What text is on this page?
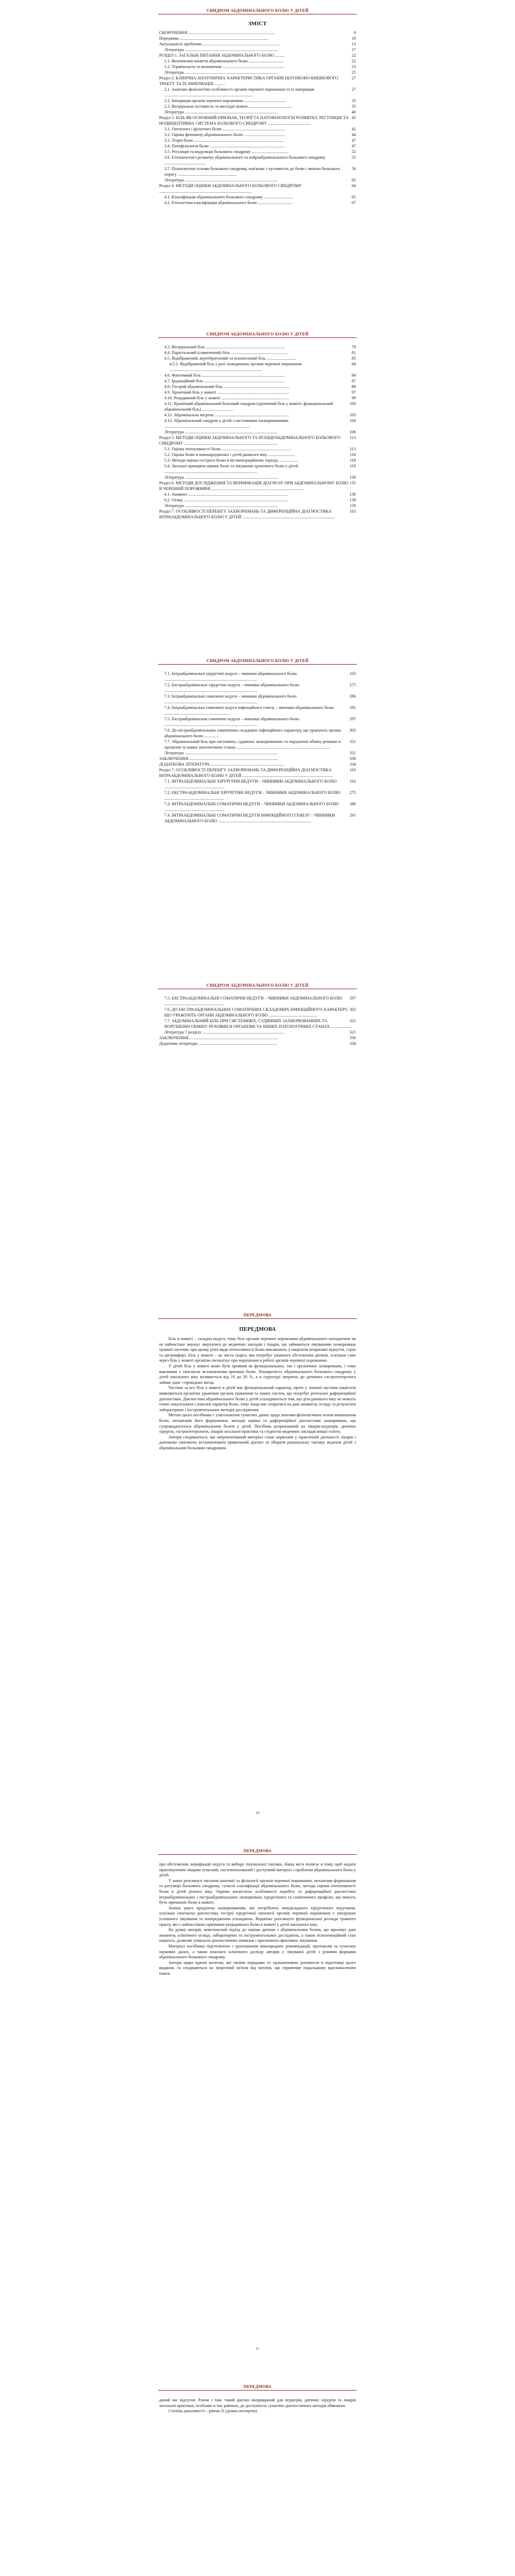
СИНДРОМ АБДОМІНАЛЬНОГО БОЛЮ У ДІТЕЙ
ЗМІСТ
9
СКОРОЧЕННЯ ..................................................................................
10
Передмова ....................................................................................
13
Актуальність проблеми .........................................................................
17
Література ........................................................................................
22
РОЗДІЛ 1. ЗАГАЛЬНІ ПИТАННЯ АБДОМІНАЛЬНОГО БОЛЮ .........
22
1.1. Визначення поняття абдомінального болю .................................
23
1.2. Термінологія та визначення ..........................................................
25
Література ........................................................................................
27
Розділ 2. КЛІНІЧНА АНАТОМІЧНА ХАРАКТЕРИСТИКА ОРГАНІВ ШЛУНКОВО-КИШКОВОГО ТРАКТУ ТА ЇХ ІННЕРВАЦІЯ ..........
27
2.1. Анатомо-фізіологічні особливості органів черевної порожнини та їх іннервація ....................................................................................
33
2.2. Іннервація органів черевної порожнини ........................................
35
2.3. Вісцеральна чутливість та висхідні шляхи .........................................
40
Література ........................................................................................
42
Розділ 3. БІЛЬ ЯК ОСНОВНИЙ ПРИЗНАК, ТЕОРІЇ ТА ПАТОФІЗІОЛОГІЯ РОЗВИТКУ, РЕГУЛЯЦІЯ ТА НОЦИЦЕПТИВНА СИСТЕМА БОЛЬОВОГО СИНДРОМУ ........................................
42
3.1. Онтогенез і філогенез болю ...........................................................
44
3.2. Оцінка феномену абдомінального болю .......................................
47
3.3. Теорії болю .....................................................................................
47
3.4. Патофізіологія болю .......................................................................
52
3.5. Регуляція та модуляція больового синдрому ...................................
55
3.6. Етіопатогенез розвитку абдомінального та нейроабдомінального больового синдрому .......................................
56
3.7. Психологічні основи больового синдрому, пов'язані з чутливістю до болю і зміною больового порогу ........................................................
62
Література ........................................................................................
64
Розділ 4. МЕТОДИ ОЦІНКИ АБДОМІНАЛЬНОГО БОЛЬОВОГО СИНДРОМУ ........................................................................................
65
4.1. Класифікація абдомінального больового синдрому ............................
67
4.2. Етіологічна класифікація абдомінального болю .................................
СИНДРОМ АБДОМІНАЛЬНОГО БОЛЮ У ДІТЕЙ
79
4.3. Вісцеральний біль ...........................................................................
81
4.4. Парієтальний (соматичний) біль ......................................................
83
4.5. Відображений, вертеброгенний та психогенний біль ............................
84
4.5.1. Відображений біль у разі захворювань органів черевної порожнини ........................................................................................
84
4.6. Фантомний біль ...............................................................................
87
4.7. Ірадіаційний біль ............................................................................
88
4.8. Гострий абдомінальний біль ..............................................................
97
4.9. Хронічний біль у животі ....................................................................
99
4.10. Рецидивний біль у животі ................................................................
100
4.11. Хронічний абдомінальний больовий синдром (хронічний біль у животі, функціональний абдомінальний біль) ..............................
103
4.12. Абдомінальна мігрень ......................................................................
104
4.13. Абдомінальний синдром у дітей з системними захворюваннями .................................................................................
106
Література ........................................................................................
113
Розділ 5. МЕТОДИ ОЦІНКИ АБДОМІНАЛЬНОГО ТА ПСЕВДОАБДОМІНАЛЬНОГО БОЛЬОВОГО СИНДРОМУ .........................................................................................
113
5.1. Оцінка інтенсивності болю ..................................................................
116
5.2. Оцінка болю в новонароджених і дітей раннього віку .........................
118
5.3. Методи оцінки гострого болю в післяопераційному періоді ..................
119
5.4. Загальні принципи оцінки болю та лікування хронічного болю у дітей ........................................................................................
130
Література ........................................................................................
135
Розділ 6. МЕТОДИ ДОСЛІДЖЕННЯ ТА ВЕРИФІКАЦІЯ ДІАГНОЗУ ПРИ АБДОМІНАЛЬНОМУ БОЛЮ В ЧЕРЕВНІЙ ПОРОЖНИНІ ........................................................................................
136
6.1. Анамнез ..............................................................................................
138
6.2. Огляд ...................................................................................................
159
Література ........................................................................................
163
Розділ 7. ОСОБЛИВОСТІ ПЕРЕБІГУ ЗАХВОРЮВАНЬ ТА ДИФЕРЕНЦІЙНА ДІАГНОСТИКА ІНТРААБДОМІНАЛЬНОГО БОЛЮ У ДІТЕЙ ........................................................................................
СИНДРОМ АБДОМІНАЛЬНОГО БОЛЮ У ДІТЕЙ
163
7.1. Інтраабдомінальні хірургічні недуги – чинники абдомінального болю ........................................................................................
275
7.2. Екстраабдомінальні хірургічні недуги – чинники абдомінального болю ........................................................................................
286
7.3. Інтраабдомінальні соматичні недуги – чинники абдомінального болю ........................................................................................
291
7.4. Інтраабдомінальні соматичні недуги інфекційного генезу – чинники абдомінального болю ..............................................................
297
7.5. Екстраабдомінальні соматичні недуги – чинники абдомінального болю ........................................................................................
302
7.6. До екстраабдомінальних соматичних складових інфекційного характеру, що уражують органи абдомінального болю ..............
321
7.7. Абдомінальний біль при системних, судинних захворюваннях та порушенні обміну речовин в організмі та інших патологічних станах .........................................................................................
321
Література ........................................................................................
330
ЗАКЛЮЧЕННЯ ....................................................................................
334
ДОДАТКОВА ЛІТЕРАТУРА .....................................................................
163
Розділ 7. ОСОБЛИВОСТІ ПЕРЕБІГУ ЗАХВОРЮВАНЬ ТА ДИФЕРЕНЦІЙНА ДІАГНОСТИКА ІНТРААБДОМІНАЛЬНОГО БОЛЮ У ДІТЕЙ ......................................................................................
163
7.1. ІНТРААБДОМІНАЛЬНІ ХІРУРГІЧНІ НЕДУГИ – ЧИННИКИ АБДОМІНАЛЬНОГО БОЛЮ .........................................................
275
7.2. ЕКСТРААБДОМІНАЛЬНІ ХІРУРГІЧНІ НЕДУГИ – ЧИННИКИ АБДОМІНАЛЬНОГО БОЛЮ .........................................................
286
7.3. ІНТРААБДОМІНАЛЬНІ СОМАТИЧНІ НЕДУГИ – ЧИННИКИ АБДОМІНАЛЬНОГО БОЛЮ .........................................................
291
7.4. ІНТРААБДОМІНАЛЬНІ СОМАТИЧНІ НЕДУГИ ІНФЕКЦІЙНОГО ГЕНЕЗУ – ЧИННИКИ АБДОМІНАЛЬНОГО БОЛЮ ........................................................................................
СИНДРОМ АБДОМІНАЛЬНОГО БОЛЮ У ДІТЕЙ
297
7.5. ЕКСТРААБДОМІНАЛЬНІ СОМАТИЧНІ НЕДУГИ – ЧИННИКИ АБДОМІНАЛЬНОГО БОЛЮ .........................................................
302
7.6. ДО ЕКСТРААБДОМІНАЛЬНИХ СОМАТИЧНИХ СКЛАДОВИХ ІНФЕКЦІЙНОГО ХАРАКТЕРУ, ЩО УРАЖУЮТЬ ОРГАНИ АБДОМІНАЛЬНОГО БОЛЮ ..............................................
321
7.7. АБДОМІНАЛЬНИЙ БІЛЬ ПРИ СИСТЕМНИХ, СУДИННИХ ЗАХВОРЮВАННЯХ ТА ПОРУШЕННІ ОБМІНУ РЕЧОВИН В ОРГАНІЗМІ ТА ІНШИХ ПАТОЛОГІЧНИХ СТАНАХ ....................
321
Література 7 розділу ..............................................................................
330
ЗАКЛЮЧЕННЯ ....................................................................................
334
Додаткова література ...........................................................................
ПЕРЕДМОВА
ПЕРЕДМОВА

Біль в животі – складна недуга, тому біль органів черевної порожнини абдомінального походження чи не найчастіше змушує звертатися до медичних закладів і лікарів, що займаються лікуванням захворювань травної системи, при цьому різні види інтенсивності болю викликають у пацієнтів неприємні відчуття, страх та дискомфорт. Біль у животі – це часта скарга, яка потребує уважного обстеження дитини, оскільки саме через біль у животі організм сигналізує про порушення в роботі органів черевної порожнини.

У дітей біль у животі може бути проявом як функціональних, так і органічних захворювань, і тому важливим є своєчасне встановлення причини болю. Поширеність абдомінального больового синдрому у дітей шкільного віку коливається від 10 до 20 %, а в структурі звернень до дитячого гастроентеролога займає одне з провідних місць.

Частіше за все біль у животі в дітей має функціональний характер, проте у значної частини пацієнтів виявляються органічні ураження органів травлення та інших систем, що потребує ретельної диференційної діагностики. Діагностика абдомінального болю у дітей ускладнюється тим, що діти раннього віку не можуть точно локалізувати і описати характер болю, тому лікар має спиратися на дані анамнезу, огляду та результати лабораторних і інструментальних методів дослідження.

Метою цього посібника є узагальнення сучасних даних щодо анатомо-фізіологічних основ виникнення болю, механізмів його формування, методів оцінки та диференційної діагностики захворювань, що супроводжуються абдомінальним болем у дітей. Посібник розрахований на лікарів-педіатрів, дитячих хірургів, гастроентерологів, лікарів загальної практики та студентів медичних закладів вищої освіти.

Автори сподіваються, що запропонований матеріал стане корисним у практичній діяльності лікарів і допоможе своєчасно встановлювати правильний діагноз та обирати раціональну тактику ведення дітей з абдомінальним больовим синдромом.

10
ПЕРЕДМОВА

про обстеження, верифікації недуги та вибору лікувальної тактики. Наша мета полягає в тому, щоб надати практикуючим лікарям сучасний, систематизований і доступний матеріал з проблеми абдомінального болю у дітей.

У книзі розглянуті питання анатомії та фізіології органів черевної порожнини, механізми формування та регуляції больового синдрому, сучасні класифікації абдомінального болю, методи оцінки інтенсивності болю в дітей різного віку. Окремо висвітлено особливості перебігу та диференційної діагностики інтраабдомінальних і екстраабдомінальних захворювань хірургічного та соматичного профілю, що можуть бути причиною болю в животі.

Значна увага приділена захворюванням, які потребують невідкладного хірургічного втручання, оскільки своєчасна діагностика гострої хірургічної патології органів черевної порожнини є запорукою успішного лікування та попередження ускладнень. Водночас розглянуто функціональні розлади травного тракту, які є найчастішою причиною рецидивного болю в животі у дітей шкільного віку.

На думку авторів, комплексний підхід до оцінки дитини з абдомінальним болем, що враховує дані анамнезу, клінічного огляду, лабораторних та інструментальних досліджень, а також психоемоційний стан пацієнта, дозволяє уникнути діагностичних помилок і призначити ефективне лікування.

Матеріал посібника підготовлено з урахуванням міжнародних рекомендацій, протоколів та сучасних наукових даних, а також власного клінічного досвіду авторів у лікуванні дітей з різними формами абдомінального больового синдрому.

Автори щиро вдячні колегам, які своїми порадами та зауваженнями допомогли в підготовці цього видання, та сподіваються на зворотний зв'язок від читачів, що сприятиме подальшому вдосконаленню книги.

11
ПЕРЕДМОВА

даний час відсутня. Разом з тим, такий діагноз виправданий для педіатрів, дитячих хірургів та лікарів загальної практики, особливо в тих районах, де доступність сучасних діагностичних методів обмежена.

Ступінь доказовості – рівень D (думка експертів).
